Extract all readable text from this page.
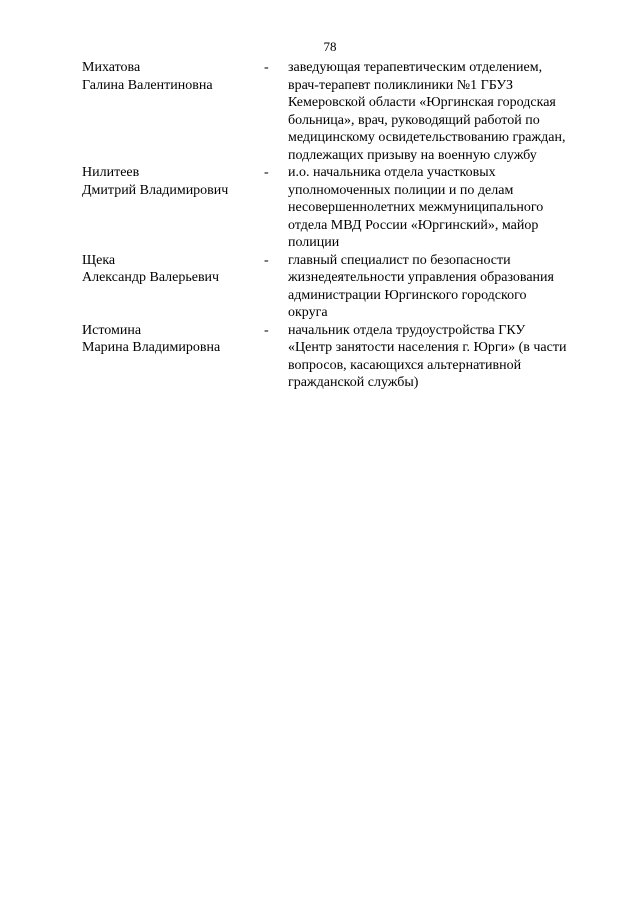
78
Михатова
Галина Валентиновна
-	заведующая терапевтическим отделением,
врач-терапевт поликлиники №1 ГБУЗ
Кемеровской области «Юргинская городская
больница», врач, руководящий работой по
медицинскому освидетельствованию граждан,
подлежащих призыву на военную службу
Нилитеев
Дмитрий Владимирович
-	и.о. начальника отдела участковых
уполномоченных полиции и по делам
несовершеннолетних межмуниципального
отдела МВД России «Юргинский», майор
полиции
Щека
Александр Валерьевич
-	главный специалист по безопасности
жизнедеятельности управления образования
администрации Юргинского городского
округа
Истомина
Марина Владимировна
-	начальник отдела трудоустройства ГКУ
«Центр занятости населения г. Юрги» (в части
вопросов, касающихся альтернативной
гражданской службы)
